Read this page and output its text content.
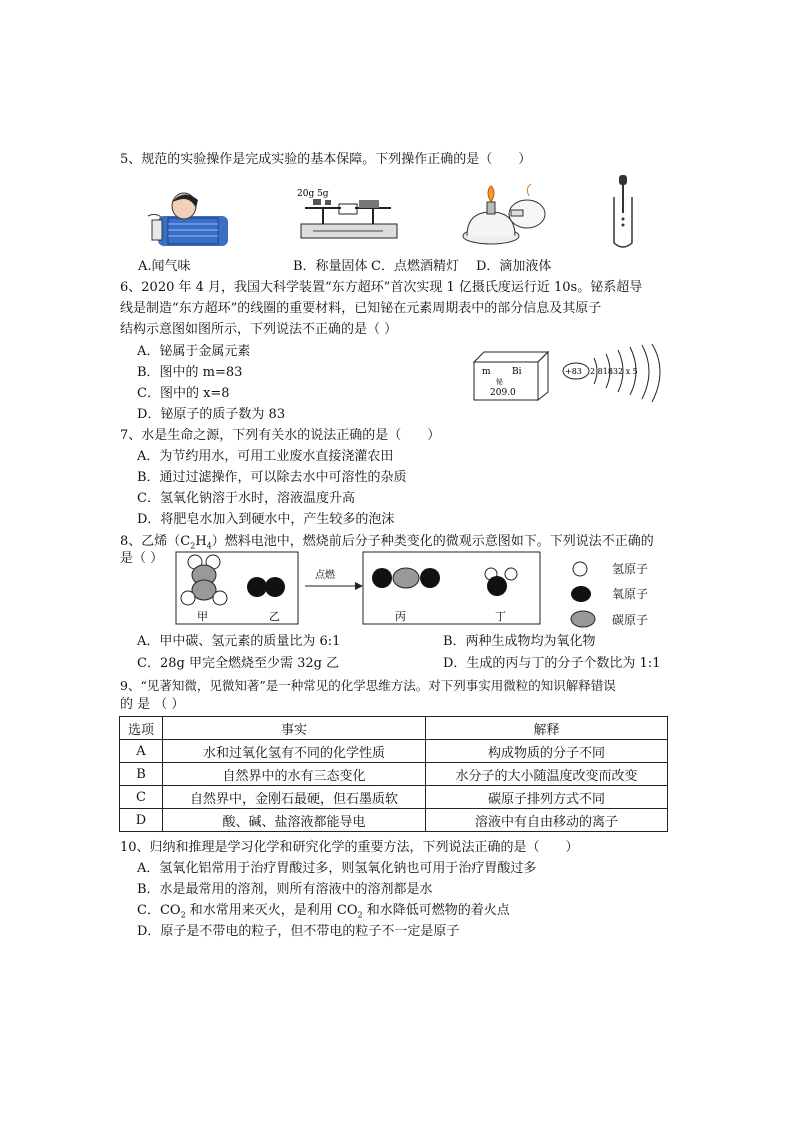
5、规范的实验操作是完成实验的基本保障。下列操作正确的是（　　）
20g 5g
A.闻气味	B．称量固体 C．点燃酒精灯 D．滴加液体
6、2020 年 4 月，我国大科学装置“东方超环”首次实现 1 亿摄氏度运行近 10s。铋系超导
线是制造“东方超环”的线圈的重要材料，已知铋在元素周期表中的部分信息及其原子
结构示意图如图所示，下列说法不正确的是（ ）
A．铋属于金属元素
B．图中的 m=83
C．图中的 x=8
D．铋原子的质子数为 83
m Bi
铋
209.0
+83 2 81832 x 5
7、水是生命之源，下列有关水的说法正确的是（　　）
A．为节约用水，可用工业废水直接浇灌农田
B．通过过滤操作，可以除去水中可溶性的杂质
C．氢氧化钠溶于水时，溶液温度升高
D．将肥皂水加入到硬水中，产生较多的泡沫
8、乙烯$(C_2H_4)$燃料电池中，燃烧前后分子种类变化的微观示意图如下。下列说法不正确的
是（ ）
甲	乙
点燃
丙	丁
氢原子
氧原子
碳原子
A．甲中碳、氢元素的质量比为 6:1	B．两种生成物均为氧化物
C．28g 甲完全燃烧至少需 32g 乙	D．生成的丙与丁的分子个数比为 1:1
9、“见著知微，见微知著”是一种常见的化学思维方法。对下列事实用微粒的知识解释错误
的 是 （ ）
选项	事实	解释
A	水和过氧化氢有不同的化学性质	构成物质的分子不同
B	自然界中的水有三态变化	水分子的大小随温度改变而改变
C	自然界中，金刚石最硬，但石墨质软	碳原子排列方式不同
D	酸、碱、盐溶液都能导电	溶液中有自由移动的离子
10、归纳和推理是学习化学和研究化学的重要方法，下列说法正确的是（　　）
A．氢氧化铝常用于治疗胃酸过多，则氢氧化钠也可用于治疗胃酸过多
B．水是最常用的溶剂，则所有溶液中的溶剂都是水
C．$CO_2$ 和水常用来灭火，是利用 $CO_2$ 和水降低可燃物的着火点
D．原子是不带电的粒子，但不带电的粒子不一定是原子
